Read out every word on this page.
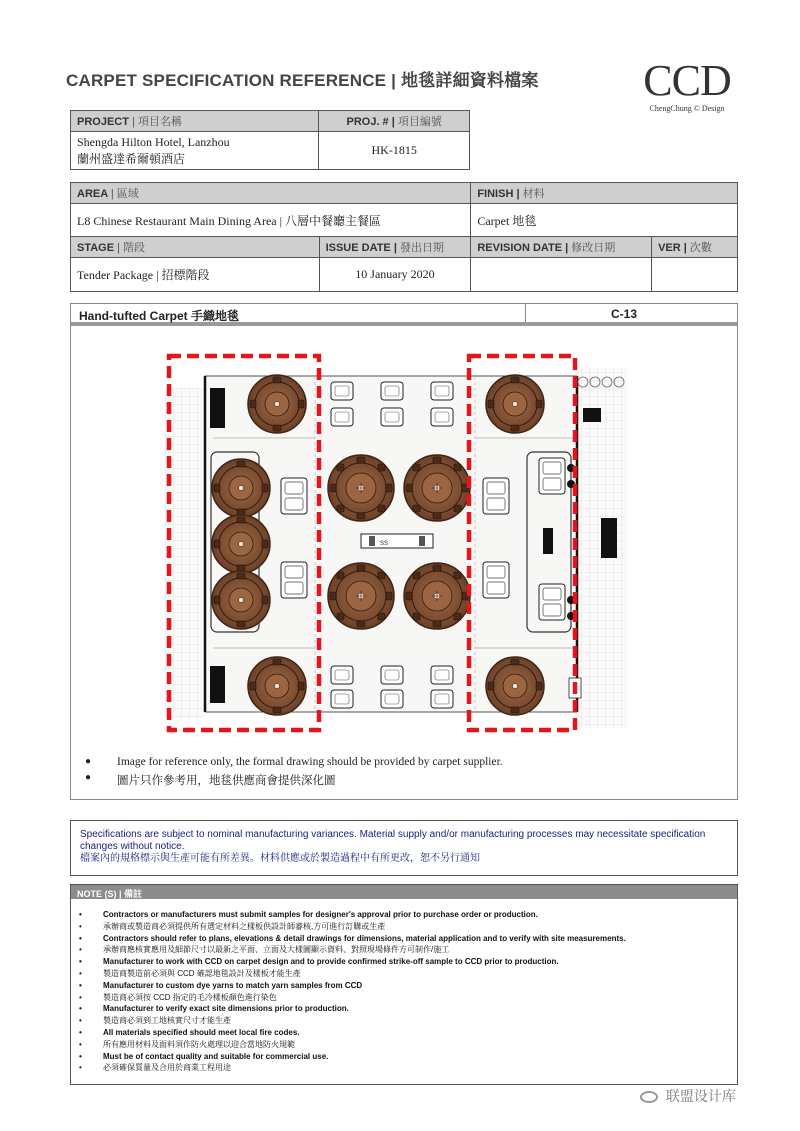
CARPET SPECIFICATION REFERENCE | 地毯詳細資料檔案 CCD
ChengChung © Design
PROJECT | 項目名稱	PROJ. # | 項目編號

Shengda Hilton Hotel, Lanzhou
蘭州盛達希爾頓酒店	HK-1815
AREA | 區域		FINISH | 材料	
L8 Chinese Restaurant Main Dining Area | 八層中餐廳主餐區		Carpet 地毯	
STAGE | 階段	ISSUE DATE | 發出日期	REVISION DATE | 修改日期	VER | 次數
Tender Package | 招標階段	10 January 2020		
Hand-tufted Carpet 手織地毯	C-13
SS
● Image for reference only, the formal drawing should be provided by carpet supplier.
● 圖片只作參考用，地毯供應商會提供深化圖
Specifications are subject to nominal manufacturing variances. Material supply and/or manufacturing processes may necessitate specification changes without notice.
檔案內的規格標示與生產可能有所差異。材料供應或於製造過程中有所更改，恕不另行通知
NOTE (S) | 備註
• Contractors or manufacturers must submit samples for designer's approval prior to purchase order or production.
• 承辦商或製造商必須提供所有選定材料之樣板供設計師審核,方可進行訂購或生產
• Contractors should refer to plans, elevations & detail drawings for dimensions, material application and to verify with site measurements.
• 承辦商應核實應用及細節尺寸以最新之平面、立面及大樣圖顯示資料、對照現場條件方可制作/施工
• Manufacturer to work with CCD on carpet design and to provide confirmed strike-off sample to CCD prior to production.
• 製造商製造前必須與 CCD 確認地毯設計及樣板才能生產
• Manufacturer to custom dye yarns to match yarn samples from CCD
• 製造商必須按 CCD 指定的毛冷樣板顏色進行染色
• Manufacturer to verify exact site dimensions prior to production.
• 製造商必須到工地核實尺寸才能生產
• All materials specified should meet local fire codes.
• 所有應用材料及面料須作防火處理以迎合當地防火規範
• Must be of contact quality and suitable for commercial use.
• 必須確保質量及合用於商業工程用途
联盟设计库
